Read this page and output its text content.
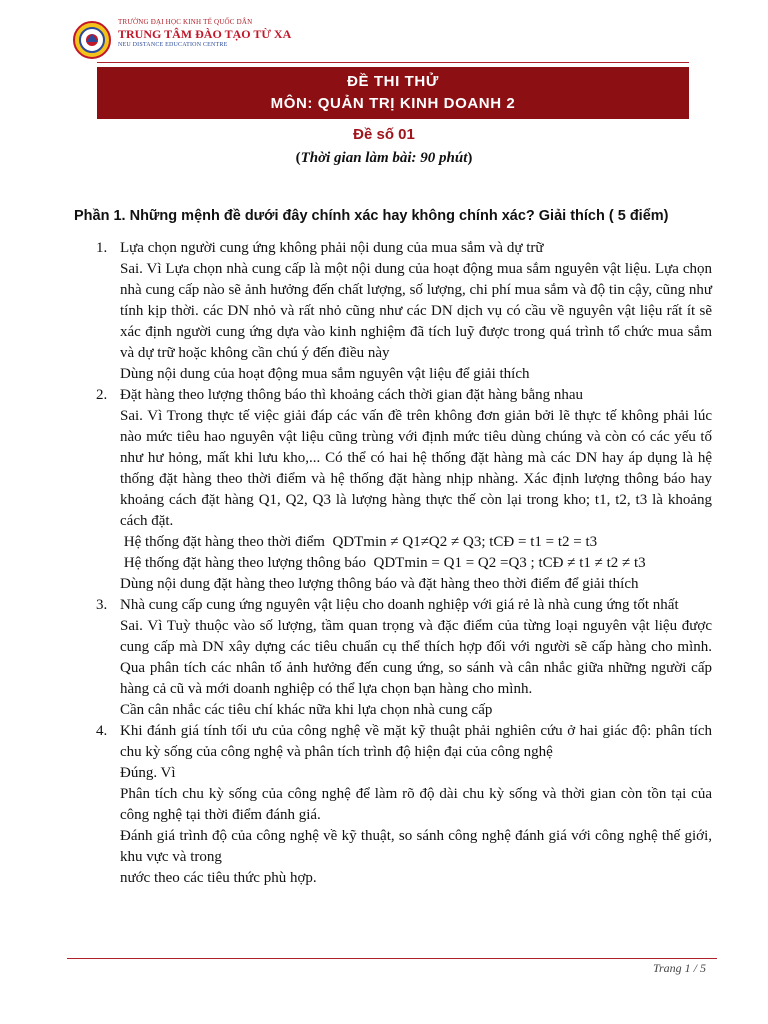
TRƯỜNG ĐẠI HỌC KINH TẾ QUỐC DÂN
TRUNG TÂM ĐÀO TẠO TỪ XA
NEU DISTANCE EDUCATION CENTRE
ĐỀ THI THỬ
MÔN: QUẢN TRỊ KINH DOANH 2
Đề số 01
(Thời gian làm bài: 90 phút)
Phần 1. Những mệnh đề dưới đây chính xác hay không chính xác? Giải thích ( 5 điểm)
1. Lựa chọn người cung ứng không phải nội dung của mua sắm và dự trữ
Sai. Vì Lựa chọn nhà cung cấp là một nội dung của hoạt động mua sắm nguyên vật liệu. Lựa chọn nhà cung cấp nào sẽ ảnh hưởng đến chất lượng, số lượng, chi phí mua sắm và độ tin cậy, cũng như tính kịp thời. các DN nhỏ và rất nhỏ cũng như các DN dịch vụ có cầu về nguyên vật liệu rất ít sẽ xác định người cung ứng dựa vào kinh nghiệm đã tích luỹ được trong quá trình tổ chức mua sắm và dự trữ hoặc không cần chú ý đến điều này
Dùng nội dung của hoạt động mua sắm nguyên vật liệu để giải thích
2. Đặt hàng theo lượng thông báo thì khoảng cách thời gian đặt hàng bằng nhau
Sai. Vì Trong thực tế việc giải đáp các vấn đề trên không đơn giản bởi lẽ thực tế không phải lúc nào mức tiêu hao nguyên vật liệu cũng trùng với định mức tiêu dùng chúng và còn có các yếu tố như hư hỏng, mất khi lưu kho,... Có thể có hai hệ thống đặt hàng mà các DN hay áp dụng là hệ thống đặt hàng theo thời điểm và hệ thống đặt hàng nhịp nhàng. Xác định lượng thông báo hay khoảng cách đặt hàng Q1, Q2, Q3 là lượng hàng thực thế còn lại trong kho; t1, t2, t3 là khoảng cách đặt.
Hệ thống đặt hàng theo thời điểm  QDTmin ≠ Q1≠Q2 ≠ Q3; tCĐ = t1 = t2 = t3
Hệ thống đặt hàng theo lượng thông báo  QDTmin = Q1 = Q2 =Q3 ; tCĐ ≠ t1 ≠ t2 ≠ t3
Dùng nội dung đặt hàng theo lượng thông báo và đặt hàng theo thời điểm để giải thích
3. Nhà cung cấp cung ứng nguyên vật liệu cho doanh nghiệp với giá rẻ là nhà cung ứng tốt nhất
Sai. Vì Tuỳ thuộc vào số lượng, tầm quan trọng và đặc điểm của từng loại nguyên vật liệu được cung cấp mà DN xây dựng các tiêu chuẩn cụ thể thích hợp đối với người sẽ cấp hàng cho mình. Qua phân tích các nhân tố ảnh hưởng đến cung ứng, so sánh và cân nhắc giữa những người cấp hàng cả cũ và mới doanh nghiệp có thể lựa chọn bạn hàng cho mình.
Cần cân nhắc các tiêu chí khác nữa khi lựa chọn nhà cung cấp
4. Khi đánh giá tính tối ưu của công nghệ về mặt kỹ thuật phải nghiên cứu ở hai giác độ: phân tích chu kỳ sống của công nghệ và phân tích trình độ hiện đại của công nghệ
Đúng. Vì
Phân tích chu kỳ sống của công nghệ để làm rõ độ dài chu kỳ sống và thời gian còn tồn tại của công nghệ tại thời điểm đánh giá.
Đánh giá trình độ của công nghệ về kỹ thuật, so sánh công nghệ đánh giá với công nghệ thế giới, khu vực và trong
nước theo các tiêu thức phù hợp.
Trang 1 / 5
